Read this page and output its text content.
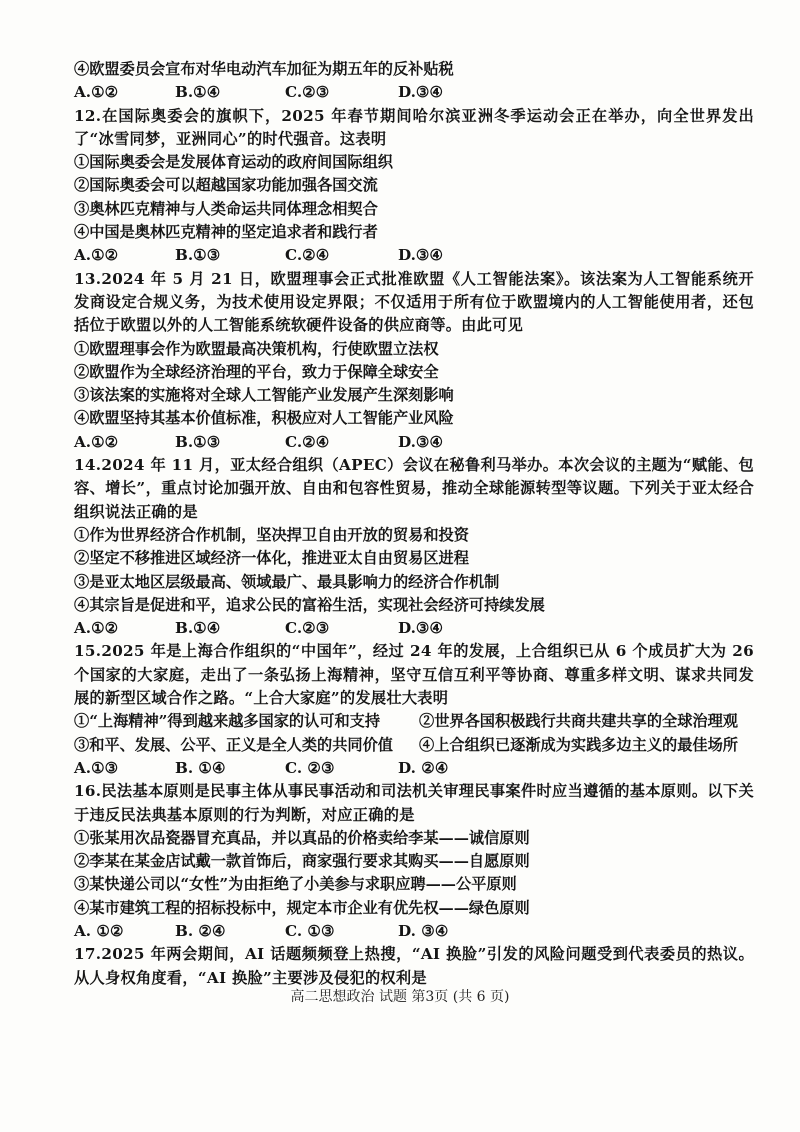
④欧盟委员会宣布对华电动汽车加征为期五年的反补贴税
A.①②	B.①④	C.②③	D.③④
12.在国际奥委会的旗帜下，2025 年春节期间哈尔滨亚洲冬季运动会正在举办，向全世界发出了“冰雪同梦，亚洲同心”的时代强音。这表明
①国际奥委会是发展体育运动的政府间国际组织
②国际奥委会可以超越国家功能加强各国交流
③奥林匹克精神与人类命运共同体理念相契合
④中国是奥林匹克精神的坚定追求者和践行者
A.①②	B.①③	C.②④	D.③④
13.2024 年 5 月 21 日，欧盟理事会正式批准欧盟《人工智能法案》。该法案为人工智能系统开发商设定合规义务，为技术使用设定界限；不仅适用于所有位于欧盟境内的人工智能使用者，还包括位于欧盟以外的人工智能系统软硬件设备的供应商等。由此可见
①欧盟理事会作为欧盟最高决策机构，行使欧盟立法权
②欧盟作为全球经济治理的平台，致力于保障全球安全
③该法案的实施将对全球人工智能产业发展产生深刻影响
④欧盟坚持其基本价值标准，积极应对人工智能产业风险
A.①②	B.①③	C.②④	D.③④
14.2024 年 11 月，亚太经合组织（APEC）会议在秘鲁利马举办。本次会议的主题为“赋能、包容、增长”，重点讨论加强开放、自由和包容性贸易，推动全球能源转型等议题。下列关于亚太经合组织说法正确的是
①作为世界经济合作机制，坚决捍卫自由开放的贸易和投资
②坚定不移推进区域经济一体化，推进亚太自由贸易区进程
③是亚太地区层级最高、领域最广、最具影响力的经济合作机制
④其宗旨是促进和平，追求公民的富裕生活，实现社会经济可持续发展
A.①②	B.①④	C.②③	D.③④
15.2025 年是上海合作组织的“中国年”，经过 24 年的发展，上合组织已从 6 个成员扩大为 26 个国家的大家庭，走出了一条弘扬上海精神，坚守互信互利平等协商、尊重多样文明、谋求共同发展的新型区域合作之路。“上合大家庭”的发展壮大表明
①“上海精神”得到越来越多国家的认可和支持	②世界各国积极践行共商共建共享的全球治理观
③和平、发展、公平、正义是全人类的共同价值	④上合组织已逐渐成为实践多边主义的最佳场所
A.①③	B. ①④	C. ②③	D. ②④
16.民法基本原则是民事主体从事民事活动和司法机关审理民事案件时应当遵循的基本原则。以下关于违反民法典基本原则的行为判断，对应正确的是
①张某用次品瓷器冒充真品，并以真品的价格卖给李某——诚信原则
②李某在某金店试戴一款首饰后，商家强行要求其购买——自愿原则
③某快递公司以“女性”为由拒绝了小美参与求职应聘——公平原则
④某市建筑工程的招标投标中，规定本市企业有优先权——绿色原则
A. ①②	B. ②④	C. ①③	D. ③④
17.2025 年两会期间，AI 话题频频登上热搜，“AI 换脸”引发的风险问题受到代表委员的热议。从人身权角度看，“AI 换脸”主要涉及侵犯的权利是
高二思想政治 试题 第3页 (共 6 页)
